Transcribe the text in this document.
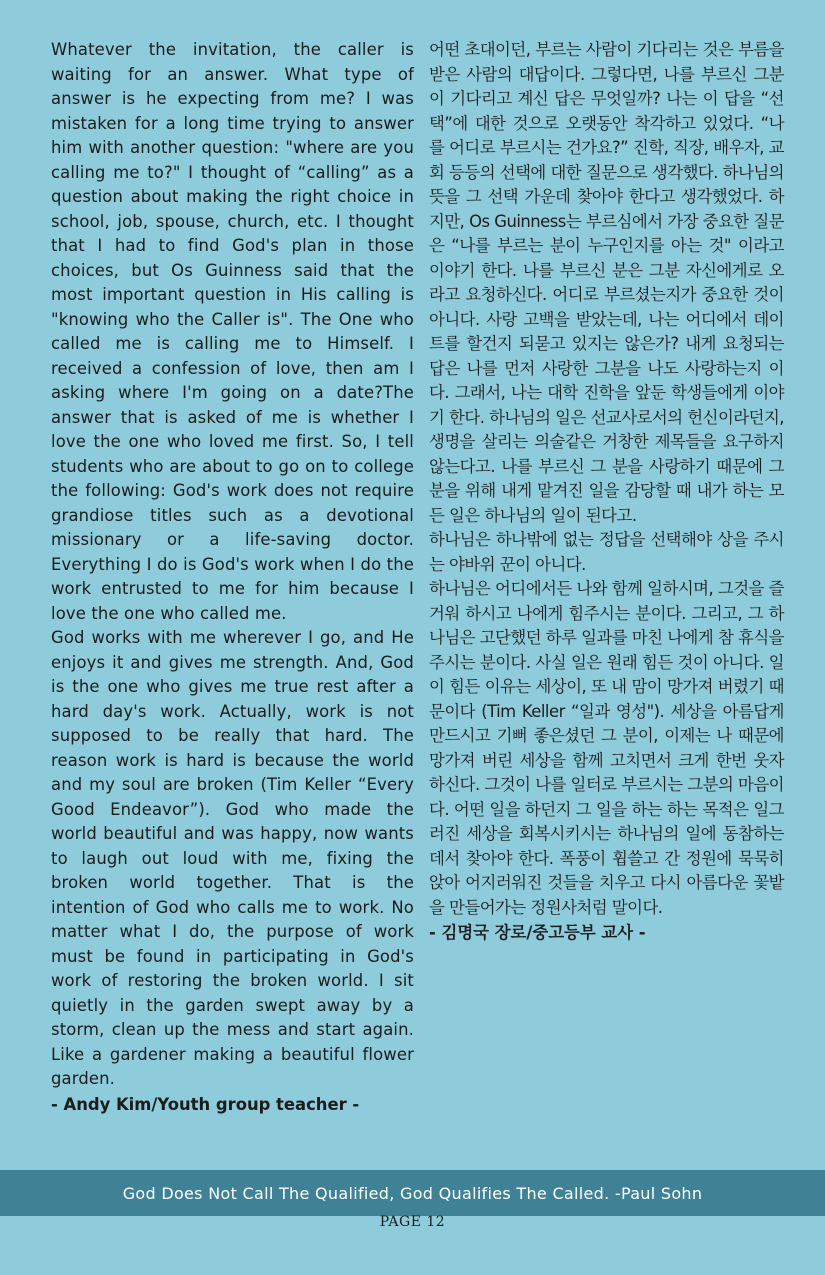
Whatever the invitation, the caller is waiting for an answer. What type of answer is he expecting from me? I was mistaken for a long time trying to answer him with another question: "where are you calling me to?" I thought of “calling” as a question about making the right choice in school, job, spouse, church, etc. I thought that I had to find God's plan in those choices, but Os Guinness said that the most important question in His calling is "knowing who the Caller is". The One who called me is calling me to Himself. I received a confession of love, then am I asking where I'm going on a date?The answer that is asked of me is whether I love the one who loved me first. So, I tell students who are about to go on to college the following: God's work does not require grandiose titles such as a devotional missionary or a life-saving doctor. Everything I do is God's work when I do the work entrusted to me for him because I love the one who called me.

God works with me wherever I go, and He enjoys it and gives me strength. And, God is the one who gives me true rest after a hard day's work. Actually, work is not supposed to be really that hard. The reason work is hard is because the world and my soul are broken (Tim Keller “Every Good Endeavor”). God who made the world beautiful and was happy, now wants to laugh out loud with me, fixing the broken world together. That is the intention of God who calls me to work. No matter what I do, the purpose of work must be found in participating in God's work of restoring the broken world. I sit quietly in the garden swept away by a storm, clean up the mess and start again. Like a gardener making a beautiful flower garden.

- Andy Kim/Youth group teacher -

어떤 초대이던, 부르는 사람이 기다리는 것은 부름을 받은 사람의 대답이다. 그렇다면, 나를 부르신 그분이 기다리고 계신 답은 무엇일까? 나는 이 답을 “선택”에 대한 것으로 오랫동안 착각하고 있었다. “나를 어디로 부르시는 건가요?” 진학, 직장, 배우자, 교회 등등의 선택에 대한 질문으로 생각했다. 하나님의 뜻을 그 선택 가운데 찾아야 한다고 생각했었다. 하지만, Os Guinness는 부르심에서 가장 중요한 질문은 “나를 부르는 분이 누구인지를 아는 것" 이라고 이야기 한다. 나를 부르신 분은 그분 자신에게로 오라고 요청하신다. 어디로 부르셨는지가 중요한 것이 아니다. 사랑 고백을 받았는데, 나는 어디에서 데이트를 할건지 되묻고 있지는 않은가? 내게 요청되는 답은 나를 먼저 사랑한 그분을 나도 사랑하는지 이다. 그래서, 나는 대학 진학을 앞둔 학생들에게 이야기 한다. 하나님의 일은 선교사로서의 헌신이라던지, 생명을 살리는 의술같은 거창한 제목들을 요구하지 않는다고. 나를 부르신 그 분을 사랑하기 때문에 그분을 위해 내게 맡겨진 일을 감당할 때 내가 하는 모든 일은 하나님의 일이 된다고.

하나님은 하나밖에 없는 정답을 선택해야 상을 주시는 야바위 꾼이 아니다.

하나님은 어디에서든 나와 함께 일하시며, 그것을 즐거워 하시고 나에게 힘주시는 분이다. 그리고, 그 하나님은 고단했던 하루 일과를 마친 나에게 참 휴식을 주시는 분이다. 사실 일은 원래 힘든 것이 아니다. 일이 힘든 이유는 세상이, 또 내 맘이 망가져 버렸기 때문이다 (Tim Keller “일과 영성"). 세상을 아름답게 만드시고 기뻐 좋은셨던 그 분이, 이제는 나 때문에 망가져 버린 세상을 함께 고치면서 크게 한번 웃자 하신다. 그것이 나를 일터로 부르시는 그분의 마음이다. 어떤 일을 하던지 그 일을 하는 하는 목적은 일그러진 세상을 회복시키시는 하나님의 일에 동참하는 데서 찾아야 한다. 폭풍이 휩쓸고 간 정원에 묵묵히 앉아 어지러워진 것들을 치우고 다시 아름다운 꽃밭을 만들어가는 정원사처럼 말이다.

- 김명국 장로/중고등부 교사 -

God Does Not Call The Qualified, God Qualifies The Called. -Paul Sohn
PAGE 12
